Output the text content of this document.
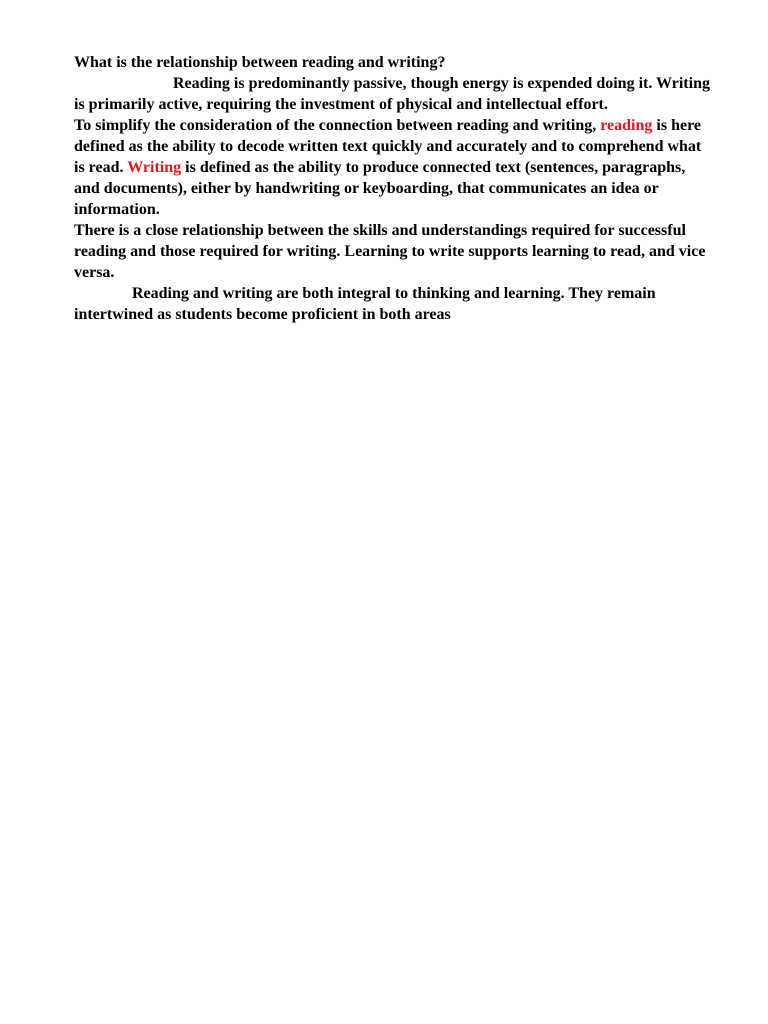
What is the relationship between reading and writing?

Reading is predominantly passive, though energy is expended doing it. Writing is primarily active, requiring the investment of physical and intellectual effort.

To simplify the consideration of the connection between reading and writing, reading is here defined as the ability to decode written text quickly and accurately and to comprehend what is read. Writing is defined as the ability to produce connected text (sentences, paragraphs, and documents), either by handwriting or keyboarding, that communicates an idea or information.

There is a close relationship between the skills and understandings required for successful reading and those required for writing. Learning to write supports learning to read, and vice versa.

Reading and writing are both integral to thinking and learning. They remain intertwined as students become proficient in both areas
